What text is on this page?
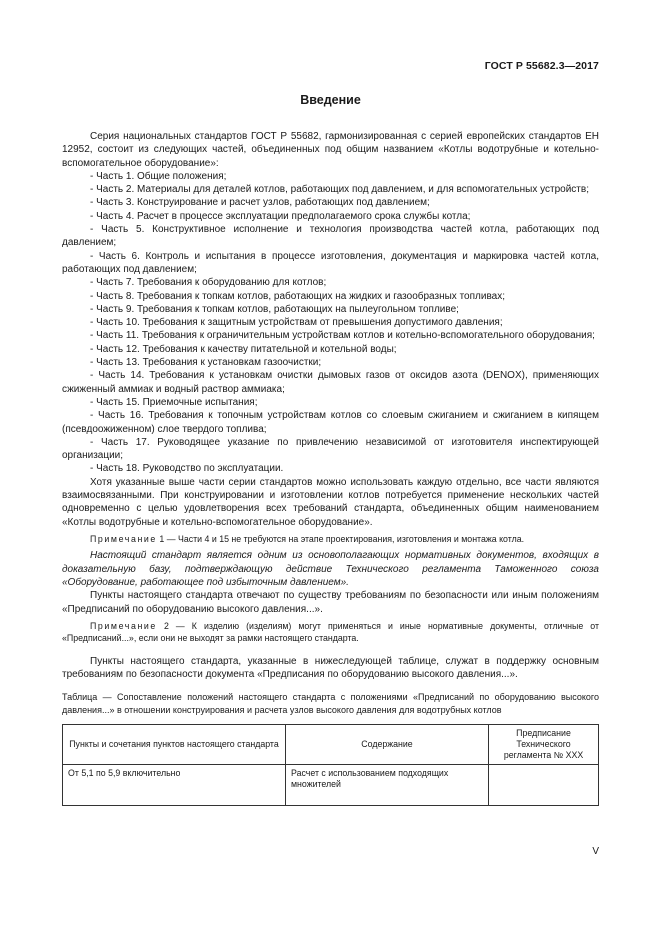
ГОСТ Р 55682.3—2017
Введение

Серия национальных стандартов ГОСТ Р 55682, гармонизированная с серией европейских стандартов ЕН 12952, состоит из следующих частей, объединенных под общим названием «Котлы водотрубные и котельно-вспомогательное оборудование»:

- Часть 1. Общие положения;

- Часть 2. Материалы для деталей котлов, работающих под давлением, и для вспомогательных устройств;

- Часть 3. Конструирование и расчет узлов, работающих под давлением;

- Часть 4. Расчет в процессе эксплуатации предполагаемого срока службы котла;

- Часть 5. Конструктивное исполнение и технология производства частей котла, работающих под давлением;

- Часть 6. Контроль и испытания в процессе изготовления, документация и маркировка частей котла, работающих под давлением;

- Часть 7. Требования к оборудованию для котлов;

- Часть 8. Требования к топкам котлов, работающих на жидких и газообразных топливах;

- Часть 9. Требования к топкам котлов, работающих на пылеугольном топливе;

- Часть 10. Требования к защитным устройствам от превышения допустимого давления;

- Часть 11. Требования к ограничительным устройствам котлов и котельно-вспомогательного оборудования;

- Часть 12. Требования к качеству питательной и котельной воды;

- Часть 13. Требования к установкам газоочистки;

- Часть 14. Требования к установкам очистки дымовых газов от оксидов азота (DENOX), применяющих сжиженный аммиак и водный раствор аммиака;

- Часть 15. Приемочные испытания;

- Часть 16. Требования к топочным устройствам котлов со слоевым сжиганием и сжиганием в кипящем (псевдоожиженном) слое твердого топлива;

- Часть 17. Руководящее указание по привлечению независимой от изготовителя инспектирующей организации;

- Часть 18. Руководство по эксплуатации.

Хотя указанные выше части серии стандартов можно использовать каждую отдельно, все части являются взаимосвязанными. При конструировании и изготовлении котлов потребуется применение нескольких частей одновременно с целью удовлетворения всех требований стандарта, объединенных общим наименованием «Котлы водотрубные и котельно-вспомогательное оборудование».

Примечание 1 — Части 4 и 15 не требуются на этапе проектирования, изготовления и монтажа котла.

Настоящий стандарт является одним из основополагающих нормативных документов, входящих в доказательную базу, подтверждающую действие Технического регламента Таможенного союза «Оборудование, работающее под избыточным давлением».

Пункты настоящего стандарта отвечают по существу требованиям по безопасности или иным положениям «Предписаний по оборудованию высокого давления...».

Примечание 2 — К изделию (изделиям) могут применяться и иные нормативные документы, отличные от «Предписаний...», если они не выходят за рамки настоящего стандарта.

Пункты настоящего стандарта, указанные в нижеследующей таблице, служат в поддержку основным требованиям по безопасности документа «Предписания по оборудованию высокого давления...».

Таблица — Сопоставление положений настоящего стандарта с положениями «Предписаний по оборудованию высокого давления...» в отношении конструирования и расчета узлов высокого давления для водотрубных котлов

Пункты и сочетания пунктов настоящего стандарта	Содержание	Предписание Технического регламента № ХХХ
От 5,1 по 5,9 включительно	Расчет с использованием подходящих множителей	
V
